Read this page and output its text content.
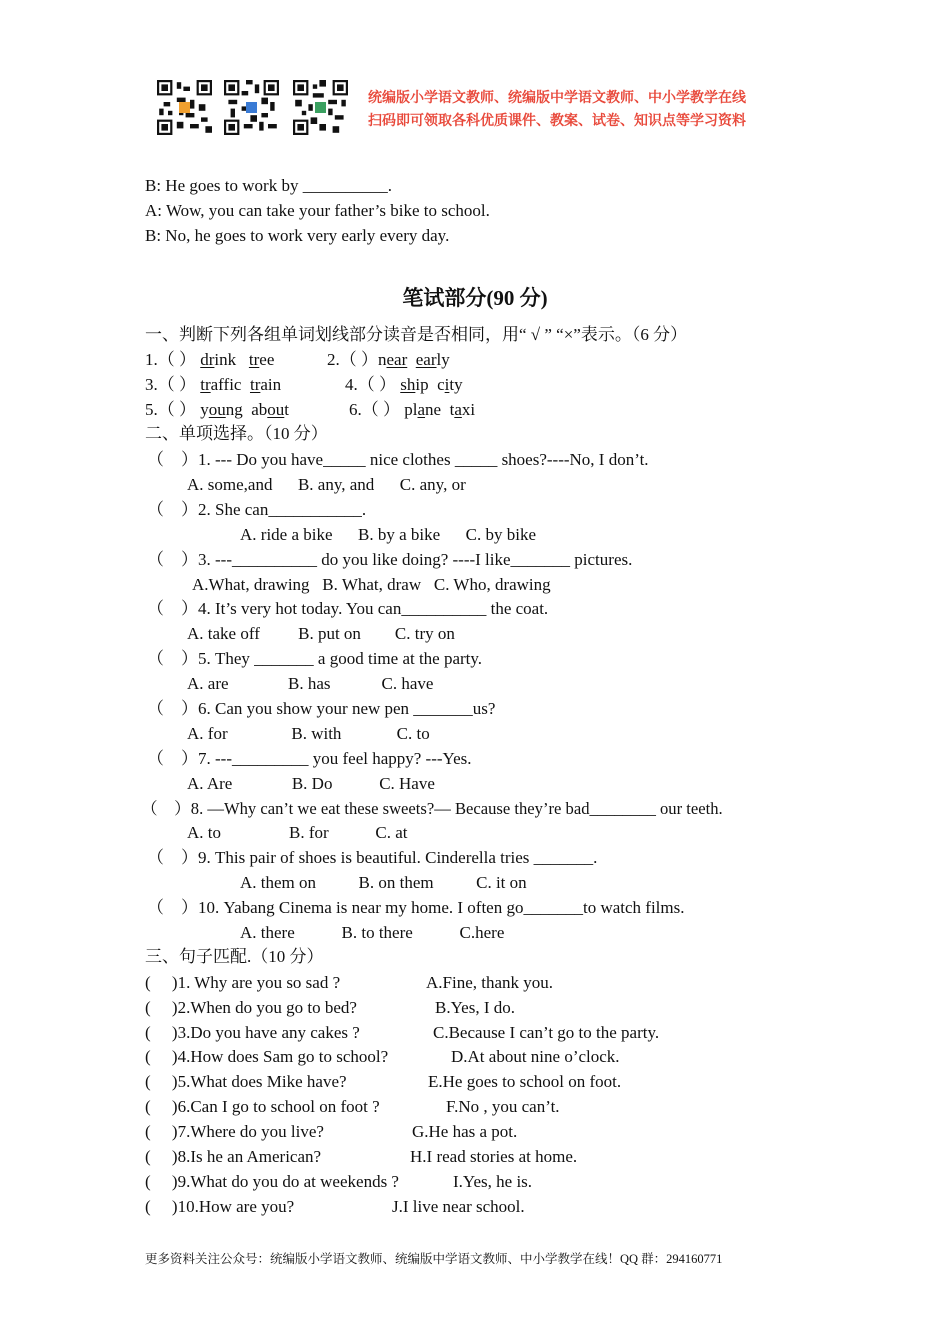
统编版小学语文教师、统编版中学语文教师、中小学教学在线
扫码即可领取各科优质课件、教案、试卷、知识点等学习资料
B: He goes to work by __________.
A: Wow, you can take your father’s bike to school.
B: No, he goes to work very early every day.
笔试部分(90 分)
一、判断下列各组单词划线部分读音是否相同，用“ √ ” “×”表示。（6 分）
1.（ ） drink tree	2.（ ）near early
3.（ ） traffic train	4.（ ） ship city
5.（ ） young about	6.（ ） plane taxi
二、单项选择。（10 分）
（    ）1. --- Do you have_____ nice clothes _____ shoes?----No, I don’t.
A. some,and      B. any, and      C. any, or
（    ）2. She can___________.
A. ride a bike      B. by a bike      C. by bike
（    ）3. ---__________ do you like doing? ----I like_______ pictures.
A.What, drawing   B. What, draw   C. Who, drawing
（    ）4. It’s very hot today. You can__________ the coat.
A. take off         B. put on        C. try on
（    ）5. They _______ a good time at the party.
A. are              B. has            C. have
（    ）6. Can you show your new pen _______us?
A. for               B. with             C. to
（    ）7. ---_________ you feel happy? ---Yes.
A. Are              B. Do           C. Have
（    ）8. —Why can’t we eat these sweets?— Because they’re bad________ our teeth.
A. to                B. for           C. at
（    ）9. This pair of shoes is beautiful. Cinderella tries _______.
A. them on          B. on them          C. it on
（    ）10. Yabang Cinema is near my home. I often go_______to watch films.
A. there           B. to there           C.here
三、句子匹配.（10 分）
(     )1. Why are you so sad ?	A.Fine, thank you.
(     )2.When do you go to bed?	B.Yes, I do.
(     )3.Do you have any cakes ?	C.Because I can’t go to the party.
(     )4.How does Sam go to school?	D.At about nine o’clock.
(     )5.What does Mike have?	E.He goes to school on foot.
(     )6.Can I go to school on foot ?	F.No , you can’t.
(     )7.Where do you live?	G.He has a pot.
(     )8.Is he an American?	H.I read stories at home.
(     )9.What do you do at weekends ?	I.Yes, he is.
(     )10.How are you?	J.I live near school.
更多资料关注公众号：统编版小学语文教师、统编版中学语文教师、中小学教学在线！QQ 群：294160771
